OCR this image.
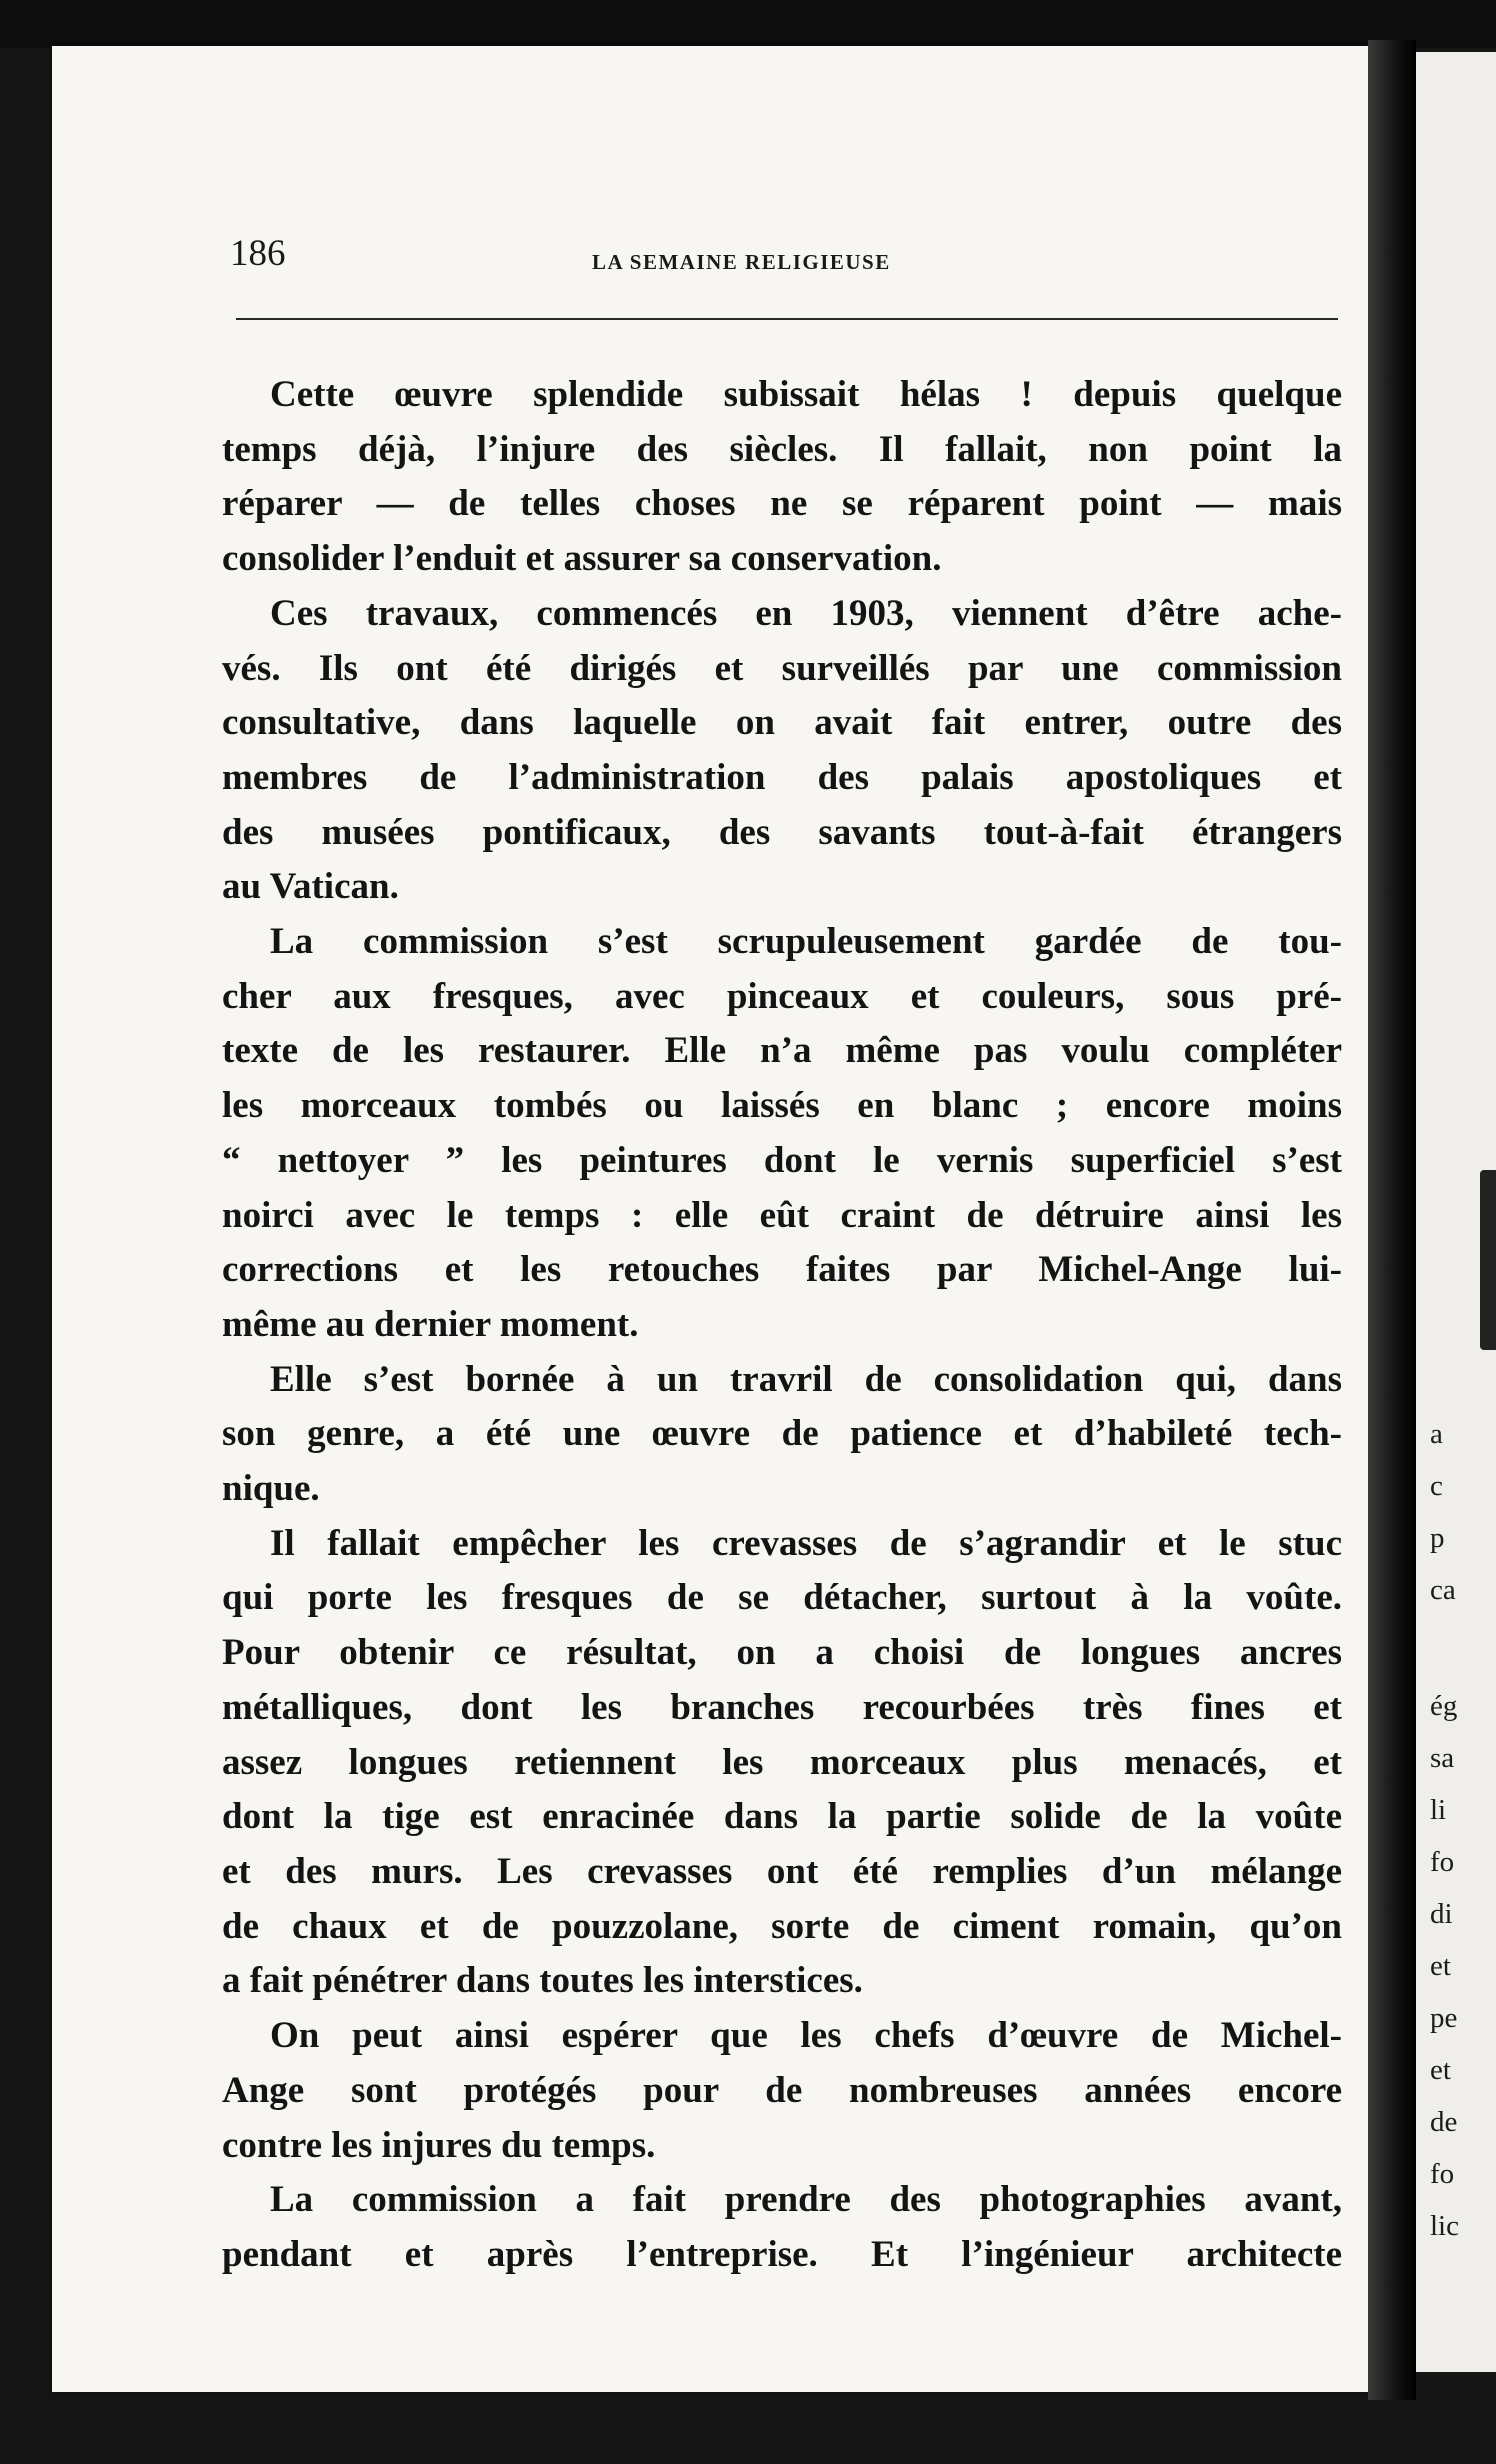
a
c
p
ca
ég
sa
li
fo
di
et
pe
et
de
fo
lic
186	LA SEMAINE RELIGIEUSE
Cette œuvre splendide subissait hélas ! depuis quelque
temps déjà, l’injure des siècles. Il fallait, non point la
réparer — de telles choses ne se réparent point — mais
consolider l’enduit et assurer sa conservation.
Ces travaux, commencés en 1903, viennent d’être ache-
vés. Ils ont été dirigés et surveillés par une commission
consultative, dans laquelle on avait fait entrer, outre des
membres de l’administration des palais apostoliques et
des musées pontificaux, des savants tout-à-fait étrangers
au Vatican.
La commission s’est scrupuleusement gardée de tou-
cher aux fresques, avec pinceaux et couleurs, sous pré-
texte de les restaurer. Elle n’a même pas voulu compléter
les morceaux tombés ou laissés en blanc ; encore moins
“ nettoyer ” les peintures dont le vernis superficiel s’est
noirci avec le temps : elle eût craint de détruire ainsi les
corrections et les retouches faites par Michel-Ange lui-
même au dernier moment.
Elle s’est bornée à un travril de consolidation qui, dans
son genre, a été une œuvre de patience et d’habileté tech-
nique.
Il fallait empêcher les crevasses de s’agrandir et le stuc
qui porte les fresques de se détacher, surtout à la voûte.
Pour obtenir ce résultat, on a choisi de longues ancres
métalliques, dont les branches recourbées très fines et
assez longues retiennent les morceaux plus menacés, et
dont la tige est enracinée dans la partie solide de la voûte
et des murs. Les crevasses ont été remplies d’un mélange
de chaux et de pouzzolane, sorte de ciment romain, qu’on
a fait pénétrer dans toutes les interstices.
On peut ainsi espérer que les chefs d’œuvre de Michel-
Ange sont protégés pour de nombreuses années encore
contre les injures du temps.
La commission a fait prendre des photographies avant,
pendant et après l’entreprise. Et l’ingénieur architecte
